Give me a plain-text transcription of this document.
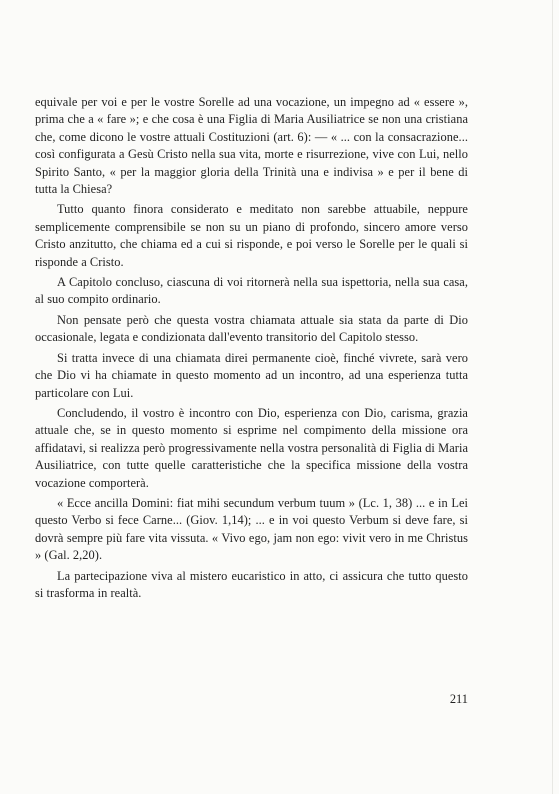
equivale per voi e per le vostre Sorelle ad una vocazione, un impegno ad « essere », prima che a « fare »; e che cosa è una Figlia di Maria Ausiliatrice se non una cristiana che, come dicono le vostre attuali Costituzioni (art. 6): — « ... con la consacrazione... così configurata a Gesù Cristo nella sua vita, morte e risurrezione, vive con Lui, nello Spirito Santo, « per la maggior gloria della Trinità una e indivisa » e per il bene di tutta la Chiesa?

Tutto quanto finora considerato e meditato non sarebbe attuabile, neppure semplicemente comprensibile se non su un piano di profondo, sincero amore verso Cristo anzitutto, che chiama ed a cui si risponde, e poi verso le Sorelle per le quali si risponde a Cristo.

A Capitolo concluso, ciascuna di voi ritornerà nella sua ispettoria, nella sua casa, al suo compito ordinario.

Non pensate però che questa vostra chiamata attuale sia stata da parte di Dio occasionale, legata e condizionata dall'evento transitorio del Capitolo stesso.

Si tratta invece di una chiamata direi permanente cioè, finché vivrete, sarà vero che Dio vi ha chiamate in questo momento ad un incontro, ad una esperienza tutta particolare con Lui.

Concludendo, il vostro è incontro con Dio, esperienza con Dio, carisma, grazia attuale che, se in questo momento si esprime nel compimento della missione ora affidatavi, si realizza però progressivamente nella vostra personalità di Figlia di Maria Ausiliatrice, con tutte quelle caratteristiche che la specifica missione della vostra vocazione comporterà.

« Ecce ancilla Domini: fiat mihi secundum verbum tuum » (Lc. 1, 38) ... e in Lei questo Verbo si fece Carne... (Giov. 1,14); ... e in voi questo Verbum si deve fare, si dovrà sempre più fare vita vissuta. « Vivo ego, jam non ego: vivit vero in me Christus » (Gal. 2,20).

La partecipazione viva al mistero eucaristico in atto, ci assicura che tutto questo si trasforma in realtà.

211
